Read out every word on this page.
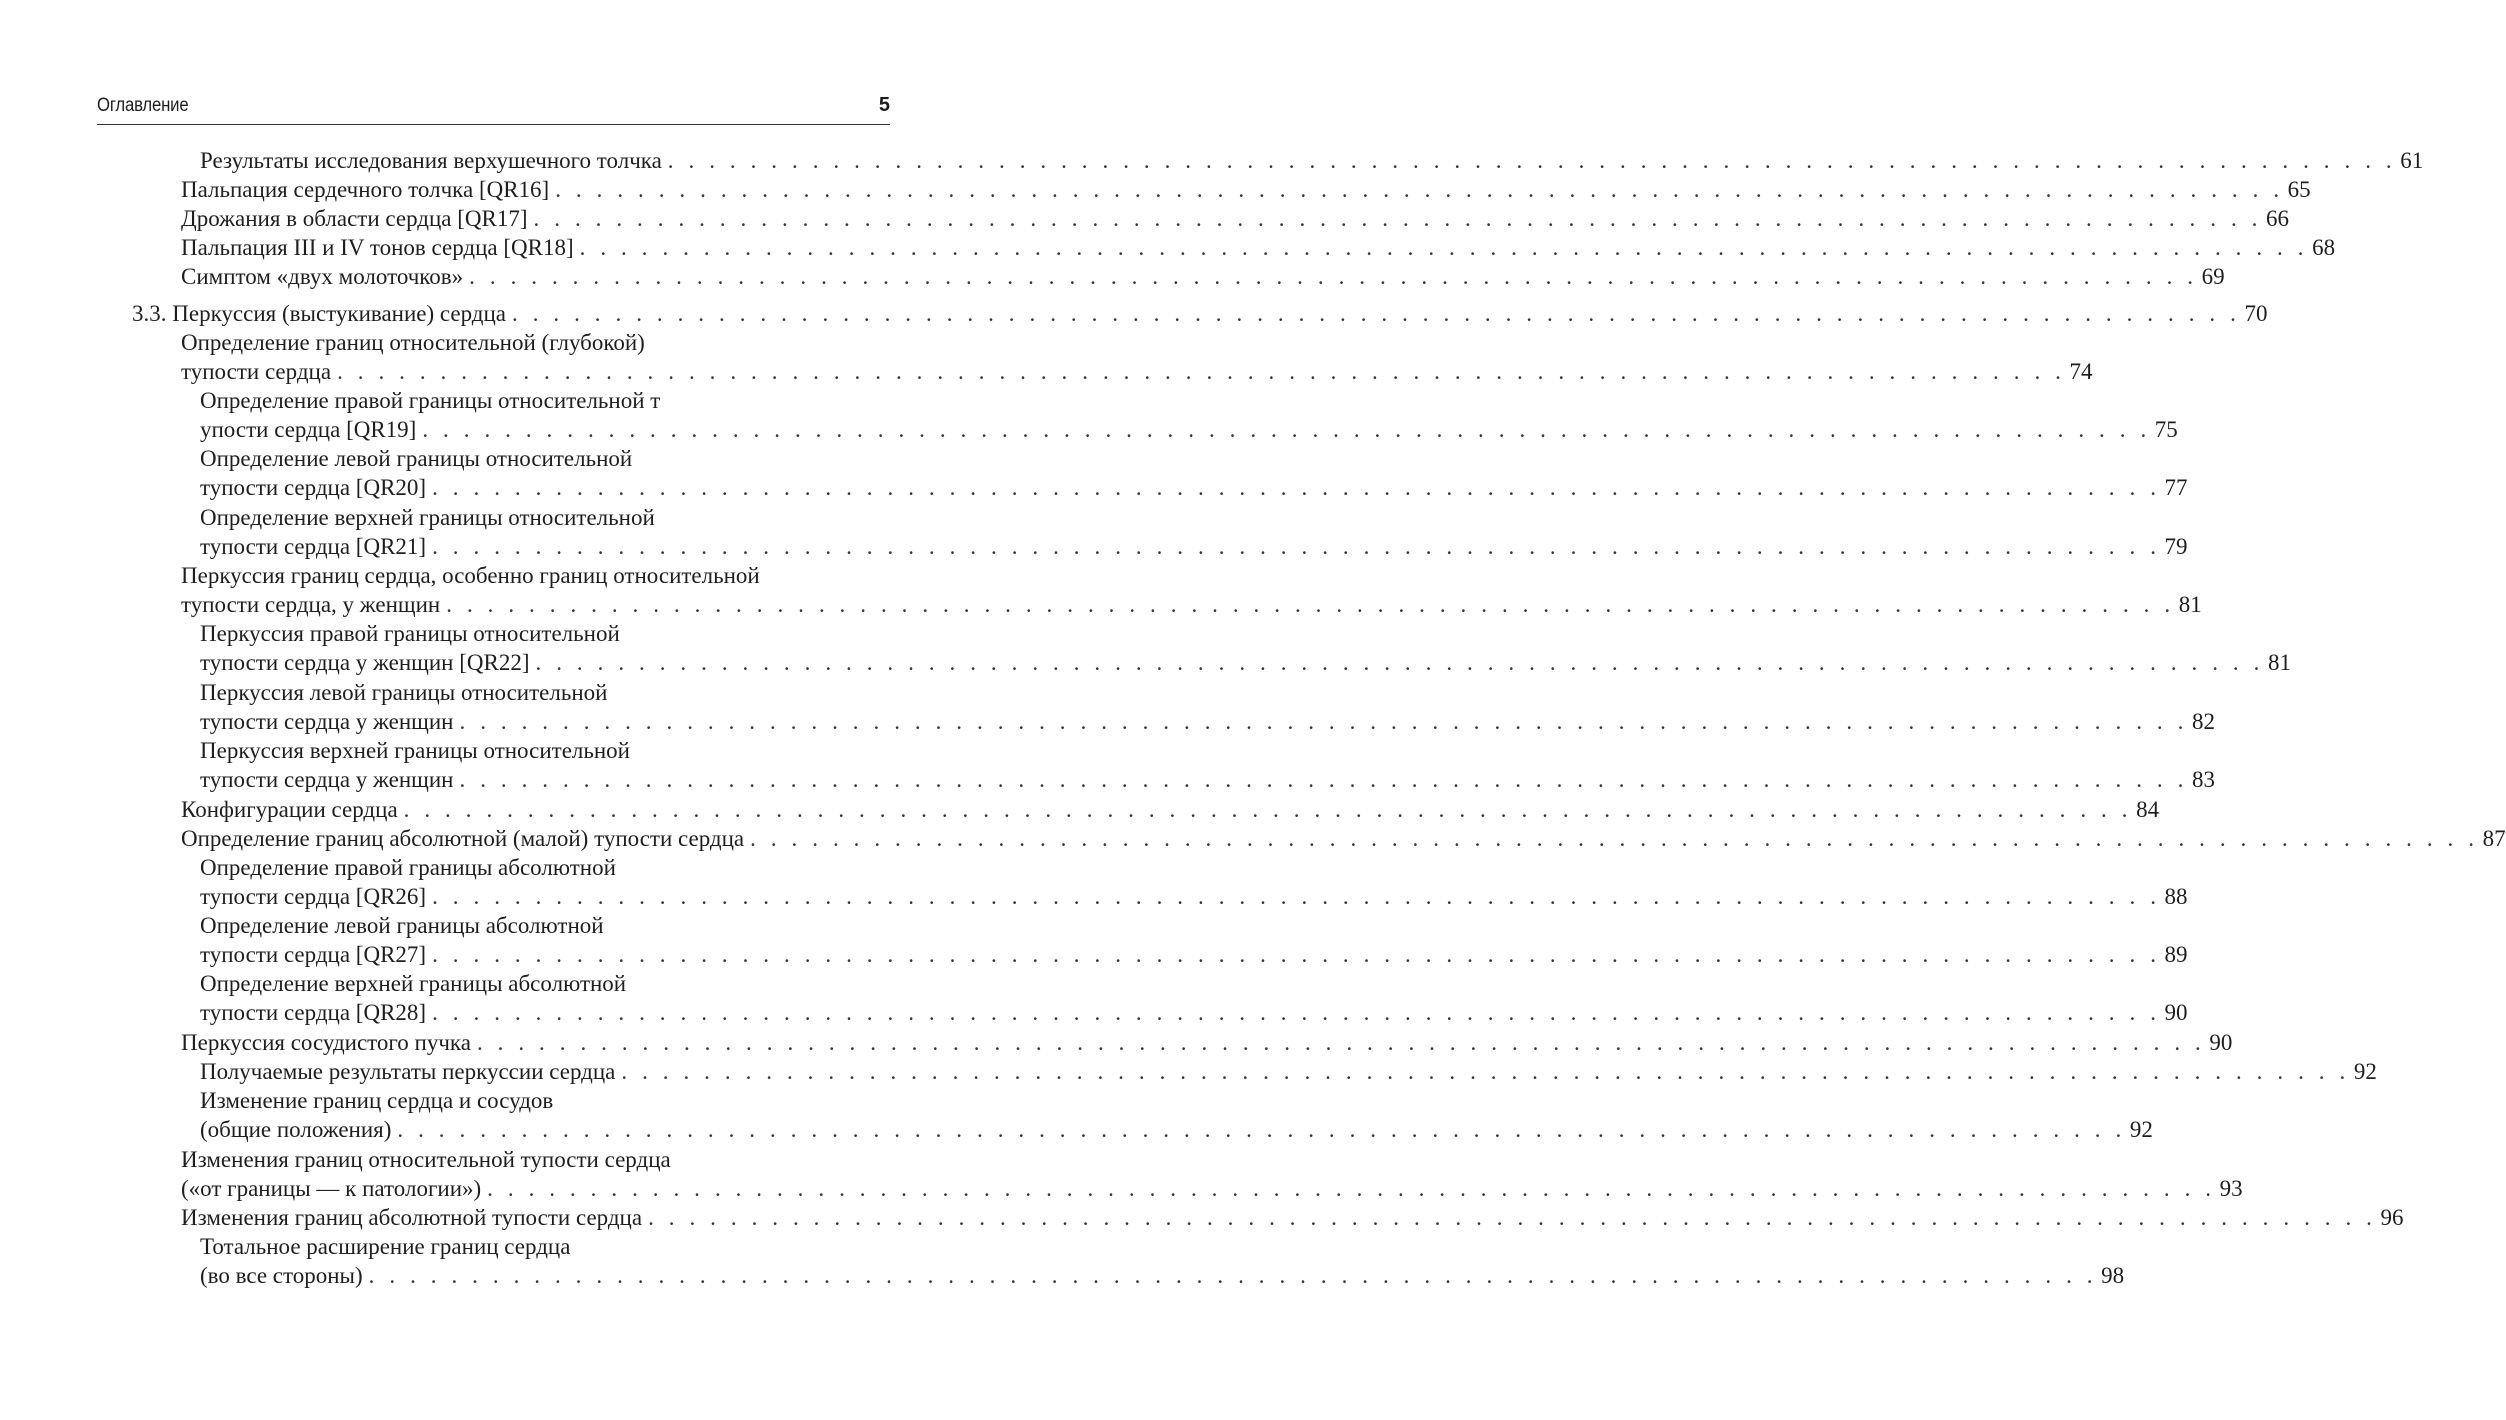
Оглавление	5
Результаты исследования верхушечного толчка . . . . . . . . . . . . . . . . . . . . . . . . . . . . . . . . . . . . . . . . . . . . . . . . . . . . . . . . . . . . . . . . . . . . . . . . . . . . . . . . . . . . 61
Пальпация сердечного толчка [QR16] . . . . . . . . . . . . . . . . . . . . . . . . . . . . . . . . . . . . . . . . . . . . . . . . . . . . . . . . . . . . . . . . . . . . . . . . . . . . . . . . . . . . 65
Дрожания в области сердца [QR17] . . . . . . . . . . . . . . . . . . . . . . . . . . . . . . . . . . . . . . . . . . . . . . . . . . . . . . . . . . . . . . . . . . . . . . . . . . . . . . . . . . . . 66
Пальпация III и IV тонов сердца [QR18] . . . . . . . . . . . . . . . . . . . . . . . . . . . . . . . . . . . . . . . . . . . . . . . . . . . . . . . . . . . . . . . . . . . . . . . . . . . . . . . . . . . . 68
Симптом «двух молоточков» . . . . . . . . . . . . . . . . . . . . . . . . . . . . . . . . . . . . . . . . . . . . . . . . . . . . . . . . . . . . . . . . . . . . . . . . . . . . . . . . . . . . 69
3.3. Перкуссия (выстукивание) сердца . . . . . . . . . . . . . . . . . . . . . . . . . . . . . . . . . . . . . . . . . . . . . . . . . . . . . . . . . . . . . . . . . . . . . . . . . . . . . . . . . . . . 70
Определение границ относительной (глубокой)
тупости сердца . . . . . . . . . . . . . . . . . . . . . . . . . . . . . . . . . . . . . . . . . . . . . . . . . . . . . . . . . . . . . . . . . . . . . . . . . . . . . . . . . . . . 74
Определение правой границы относительной т
упости сердца [QR19] . . . . . . . . . . . . . . . . . . . . . . . . . . . . . . . . . . . . . . . . . . . . . . . . . . . . . . . . . . . . . . . . . . . . . . . . . . . . . . . . . . . . 75
Определение левой границы относительной
тупости сердца [QR20] . . . . . . . . . . . . . . . . . . . . . . . . . . . . . . . . . . . . . . . . . . . . . . . . . . . . . . . . . . . . . . . . . . . . . . . . . . . . . . . . . . . . 77
Определение верхней границы относительной
тупости сердца [QR21] . . . . . . . . . . . . . . . . . . . . . . . . . . . . . . . . . . . . . . . . . . . . . . . . . . . . . . . . . . . . . . . . . . . . . . . . . . . . . . . . . . . . 79
Перкуссия границ сердца, особенно границ относительной
тупости сердца, у женщин . . . . . . . . . . . . . . . . . . . . . . . . . . . . . . . . . . . . . . . . . . . . . . . . . . . . . . . . . . . . . . . . . . . . . . . . . . . . . . . . . . . . 81
Перкуссия правой границы относительной
тупости сердца у женщин [QR22] . . . . . . . . . . . . . . . . . . . . . . . . . . . . . . . . . . . . . . . . . . . . . . . . . . . . . . . . . . . . . . . . . . . . . . . . . . . . . . . . . . . . 81
Перкуссия левой границы относительной
тупости сердца у женщин . . . . . . . . . . . . . . . . . . . . . . . . . . . . . . . . . . . . . . . . . . . . . . . . . . . . . . . . . . . . . . . . . . . . . . . . . . . . . . . . . . . . 82
Перкуссия верхней границы относительной
тупости сердца у женщин . . . . . . . . . . . . . . . . . . . . . . . . . . . . . . . . . . . . . . . . . . . . . . . . . . . . . . . . . . . . . . . . . . . . . . . . . . . . . . . . . . . . 83
Конфигурации сердца . . . . . . . . . . . . . . . . . . . . . . . . . . . . . . . . . . . . . . . . . . . . . . . . . . . . . . . . . . . . . . . . . . . . . . . . . . . . . . . . . . . . 84
Определение границ абсолютной (малой) тупости сердца . . . . . . . . . . . . . . . . . . . . . . . . . . . . . . . . . . . . . . . . . . . . . . . . . . . . . . . . . . . . . . . . . . . . . . . . . . . . . . . . . . . . 87
Определение правой границы абсолютной
тупости сердца [QR26] . . . . . . . . . . . . . . . . . . . . . . . . . . . . . . . . . . . . . . . . . . . . . . . . . . . . . . . . . . . . . . . . . . . . . . . . . . . . . . . . . . . . 88
Определение левой границы абсолютной
тупости сердца [QR27] . . . . . . . . . . . . . . . . . . . . . . . . . . . . . . . . . . . . . . . . . . . . . . . . . . . . . . . . . . . . . . . . . . . . . . . . . . . . . . . . . . . . 89
Определение верхней границы абсолютной
тупости сердца [QR28] . . . . . . . . . . . . . . . . . . . . . . . . . . . . . . . . . . . . . . . . . . . . . . . . . . . . . . . . . . . . . . . . . . . . . . . . . . . . . . . . . . . . 90
Перкуссия сосудистого пучка . . . . . . . . . . . . . . . . . . . . . . . . . . . . . . . . . . . . . . . . . . . . . . . . . . . . . . . . . . . . . . . . . . . . . . . . . . . . . . . . . . . . 90
Получаемые результаты перкуссии сердца . . . . . . . . . . . . . . . . . . . . . . . . . . . . . . . . . . . . . . . . . . . . . . . . . . . . . . . . . . . . . . . . . . . . . . . . . . . . . . . . . . . . 92
Изменение границ сердца и сосудов
(общие положения) . . . . . . . . . . . . . . . . . . . . . . . . . . . . . . . . . . . . . . . . . . . . . . . . . . . . . . . . . . . . . . . . . . . . . . . . . . . . . . . . . . . . 92
Изменения границ относительной тупости сердца
(«от границы — к патологии») . . . . . . . . . . . . . . . . . . . . . . . . . . . . . . . . . . . . . . . . . . . . . . . . . . . . . . . . . . . . . . . . . . . . . . . . . . . . . . . . . . . . 93
Изменения границ абсолютной тупости сердца . . . . . . . . . . . . . . . . . . . . . . . . . . . . . . . . . . . . . . . . . . . . . . . . . . . . . . . . . . . . . . . . . . . . . . . . . . . . . . . . . . . . 96
Тотальное расширение границ сердца
(во все стороны) . . . . . . . . . . . . . . . . . . . . . . . . . . . . . . . . . . . . . . . . . . . . . . . . . . . . . . . . . . . . . . . . . . . . . . . . . . . . . . . . . . . . 98
